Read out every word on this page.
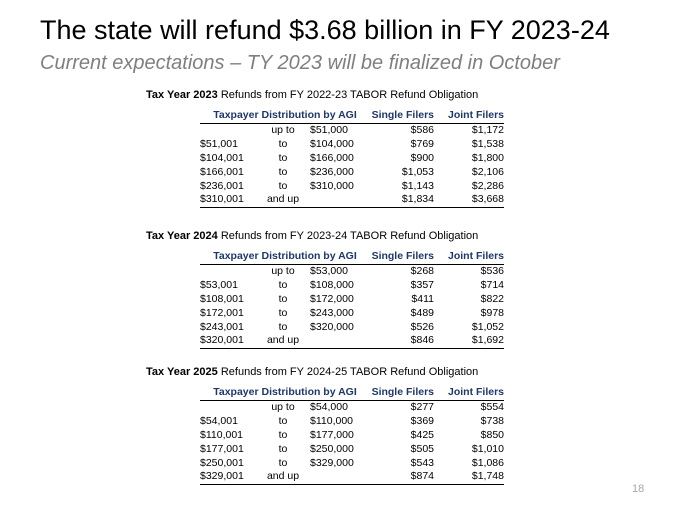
The state will refund $3.68 billion in FY 2023-24
Current expectations – TY 2023 will be finalized in October
Tax Year 2023 Refunds from FY 2022-23 TABOR Refund Obligation
Taxpayer Distribution by AGI			Single Filers	Joint Filers
	up to	$51,000	$586	$1,172
$51,001	to	$104,000	$769	$1,538
$104,001	to	$166,000	$900	$1,800
$166,001	to	$236,000	$1,053	$2,106
$236,001	to	$310,000	$1,143	$2,286
$310,001	and up		$1,834	$3,668
Tax Year 2024 Refunds from FY 2023-24 TABOR Refund Obligation
Taxpayer Distribution by AGI			Single Filers	Joint Filers
	up to	$53,000	$268	$536
$53,001	to	$108,000	$357	$714
$108,001	to	$172,000	$411	$822
$172,001	to	$243,000	$489	$978
$243,001	to	$320,000	$526	$1,052
$320,001	and up		$846	$1,692
Tax Year 2025 Refunds from FY 2024-25 TABOR Refund Obligation
Taxpayer Distribution by AGI			Single Filers	Joint Filers
	up to	$54,000	$277	$554
$54,001	to	$110,000	$369	$738
$110,001	to	$177,000	$425	$850
$177,001	to	$250,000	$505	$1,010
$250,001	to	$329,000	$543	$1,086
$329,001	and up		$874	$1,748
18
